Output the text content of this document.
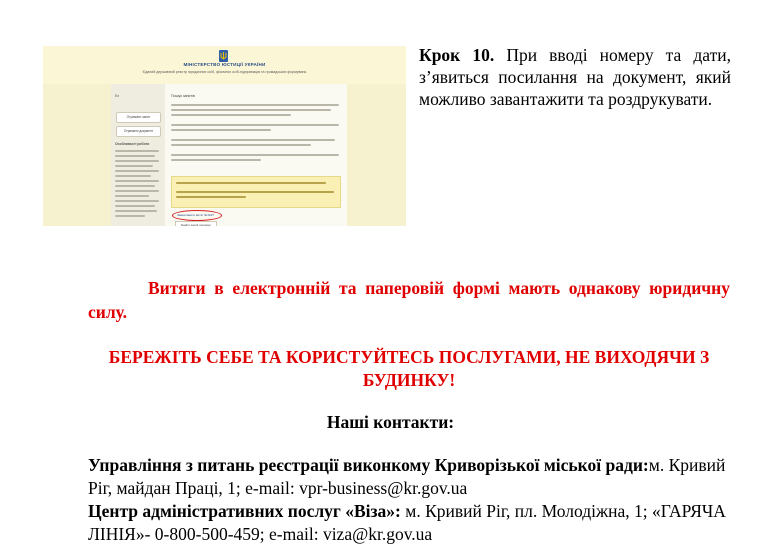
МІНІСТЕРСТВО ЮСТИЦІЇ УКРАЇНИ
Єдиний державний реєстр юридичних осіб, фізичних осіб-підприємців та громадських формувань
Ел
Отримати запит
Отримати документ
Особливості роботи
Пошук запитів
Завантажити витяг №1027
Знайти інший документ
Крок 10. При вводі номеру та дати, з’явиться посилання на документ, який можливо завантажити та роздрукувати.
Витяги в електронній та паперовій формі мають однакову юридичну силу.
БЕРЕЖІТЬ СЕБЕ ТА КОРИСТУЙТЕСЬ ПОСЛУГАМИ, НЕ ВИХОДЯЧИ З БУДИНКУ!
Наші контакти:
Управління з питань реєстрації виконкому Криворізької міської ради:м. Кривий Ріг, майдан Праці, 1; e-mail: vpr-business@kr.gov.ua
Центр адміністративних послуг «Віза»: м. Кривий Ріг, пл. Молодіжна, 1; «ГАРЯЧА ЛІНІЯ»- 0-800-500-459; e-mail: viza@kr.gov.ua
